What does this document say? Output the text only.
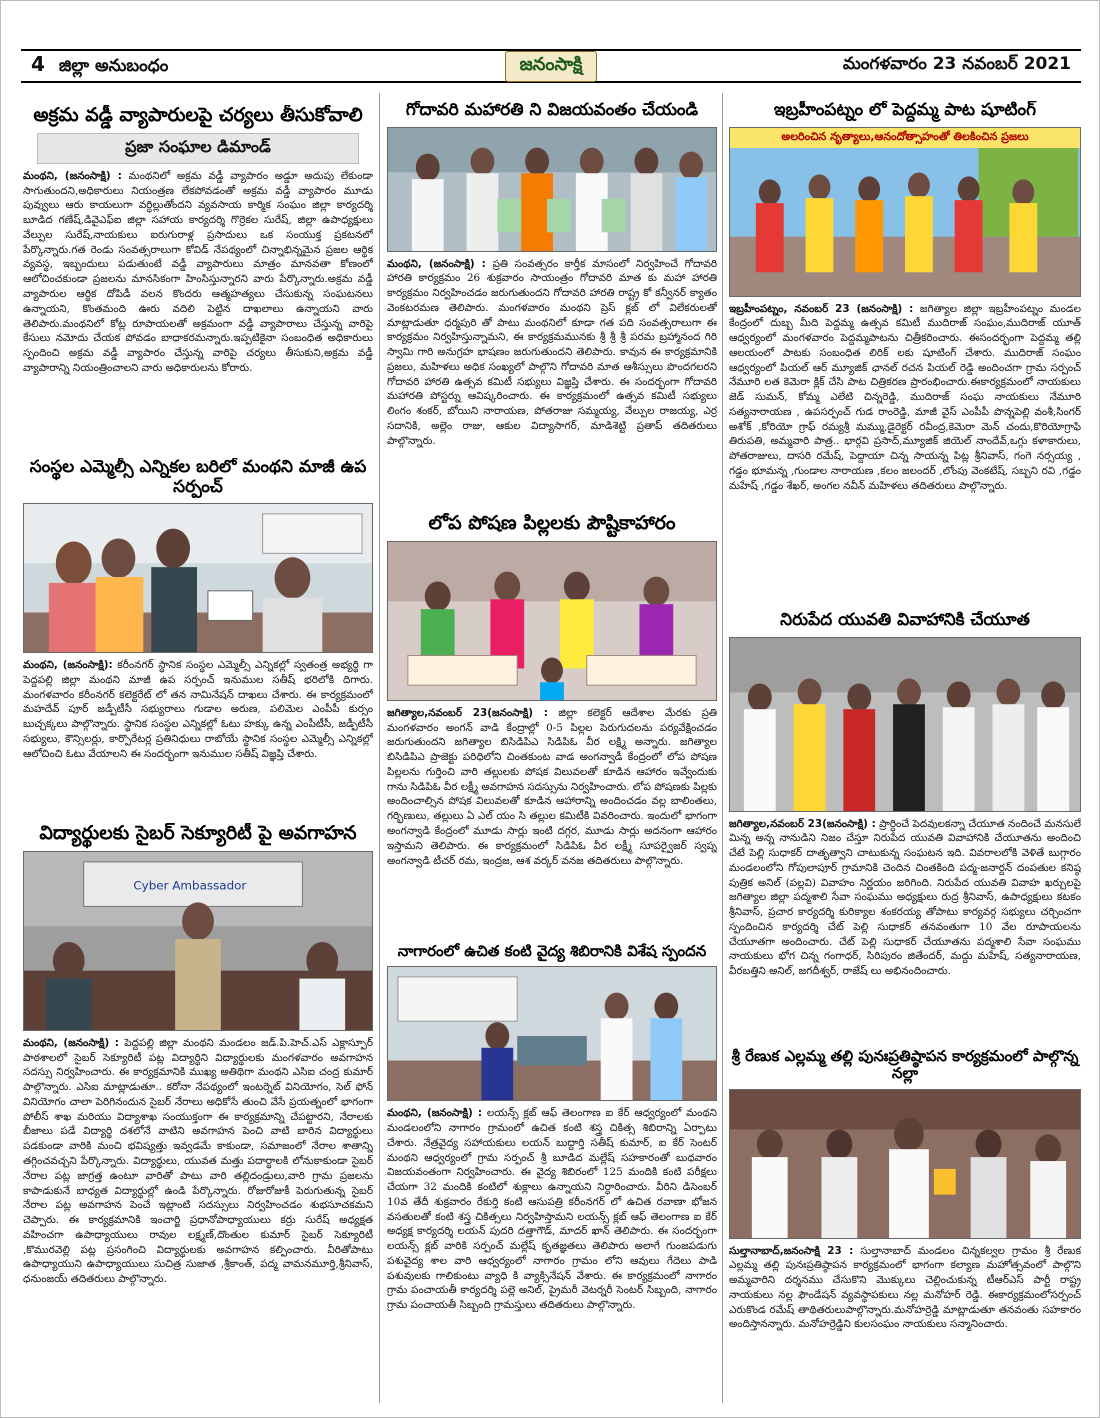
4 జిల్లా అనుబంధం	జనంసాక్షి	మంగళవారం 23 నవంబర్ 2021
అక్రమ వడ్డీ వ్యాపారులపై చర్యలు తీసుకోవాలి
ప్రజా సంఘాల డిమాండ్
మంథని, (జనంసాక్షి) : మంథనిలో అక్రమ వడ్డీ వ్యాపారం అడ్డూ అదుపు లేకుండా సాగుతుందని,అధికారులు నియంత్రణ లేకపోవడంతో అక్రమ వడ్డీ వ్యాపారం మూడు పువ్వులు ఆరు కాయలుగా వర్ధిల్లుతోందని వ్యవసాయ కార్మిక సంఘం జిల్లా కార్యదర్శి బూడిద గణేష్,డివైఎఫ్ఐ జిల్లా సహాయ కార్యదర్శి గొర్రెకల సురేష్, జిల్లా ఉపాధ్యక్షులు వేల్పుల సురేష్,నాయకులు ఐరుగురాళ్ల ప్రసాదులు ఒక సంయుక్త ప్రకటనలో పేర్కొన్నారు.గత రెండు సంవత్సరాలుగా కోవిడ్ నేపథ్యంలో చిన్నాభిన్నమైన ప్రజల ఆర్థిక వ్యవస్థ, ఇబ్బందులు పడుతుంటే వడ్డీ వ్యాపారులు మాత్రం మానవతా కోణంలో ఆలోచించకుండా ప్రజలను మానసికంగా హింసిస్తున్నారని వారు పేర్కొన్నారు.అక్రమ వడ్డీ వ్యాపారుల ఆర్థిక దోపిడీ వలన కొందరు ఆత్మహత్యలు చేసుకున్న సంఘటనలు ఉన్నాయని, కొంతమంది ఊరు వదిలి పెట్టిన దాఖలాలు ఉన్నాయని వారు తెలిపారు.మంథనిలో కోట్ల రూపాయలతో అక్రమంగా వడ్డీ వ్యాపారాలు చేస్తున్న వారిపై కేసులు నమోదు చేయక పోవడం బాధాకరమన్నారు.ఇప్పటికైనా సంబంధిత అధికారులు స్పందించి అక్రమ వడ్డీ వ్యాపారం చేస్తున్న వారిపై చర్యలు తీసుకుని,అక్రమ వడ్డీ వ్యాపారాన్ని నియంత్రించాలని వారు అధికారులను కోరారు.
సంస్థల ఎమ్మెల్సీ ఎన్నికల బరిలో మంథని మాజీ ఉప సర్పంచ్
మంథని, (జనంసాక్షి): కరీంనగర్ స్థానిక సంస్థల ఎమ్మెల్సీ ఎన్నికల్లో స్వతంత్ర అభ్యర్థి గా పెద్దపల్లి జిల్లా మంథని మాజీ ఉప సర్పంచ్ ఇనుముల సతీష్ భరిలోకి దిగారు. మంగళవారం కరీంనగర్ కలెక్టరేట్ లో తన నామినేషన్ దాఖలు చేశారు. ఈ కార్యక్రమంలో మహదేవ్ పూర్ జడ్పీటీసీ సభ్యురాలు గుడాల అరుణ, పలిమెల ఎంపీపీ కుర్సం బుచ్చక్కలు పాల్గొన్నారు. స్థానిక సంస్థల ఎన్నికల్లో ఓటు హక్కు ఉన్న ఎంపీటీసీ, జడ్పీటీసీ సభ్యులు, కౌన్సిలర్లు, కార్పొరేటర్ల ప్రతినిధులు రాబోయే స్థానిక సంస్థల ఎమ్మెల్సీ ఎన్నికల్లో ఆలోచించి ఓటు వేయాలని ఈ సందర్భంగా ఇనుముల సతీష్ విజ్ఞప్తి చేశారు.
విద్యార్థులకు సైబర్ సెక్యూరిటీ పై అవగాహన
Cyber Ambassador
మంథని, (జనంసాక్షి) : పెద్దపల్లి జిల్లా మంథని మండలం జడ్.పి.హెచ్.ఎస్ ఎక్లాస్పూర్ పాఠశాలలో సైబర్ సెక్యూరిటీ పట్ల విద్యార్థిని విద్యార్థులకు మంగళవారం అవగాహన సదస్సు నిర్వహించారు. ఈ కార్యక్రమానికి ముఖ్య అతిథిగా మంథని ఎసిఐ చంద్ర కుమార్ పాల్గొన్నారు. ఎసిఐ మాట్లాడుతూ.. కరోనా నేపథ్యంలో ఇంటర్నెట్ వినియోగం, సెల్ ఫోన్ వినియోగం చాలా పెరిగినందున సైబర్ నేరాలు అధికోసే తుంచి వేసే ప్రయత్నంలో భాగంగా పోలీస్ శాఖ మరియు విద్యాశాఖ సంయుక్తంగా ఈ కార్యక్రమాన్ని చేపట్టారని, నేరాలకు బీజాలు పడే విద్యార్థి దశలోనే వాటిని అవగాహన పెంచి వాటి బారిన విద్యార్థులు పడకుండా వారికి మంచి భవిష్యత్తు ఇవ్వడమే కాకుండా, సమాజంలో నేరాల శాతాన్ని తగ్గించవచ్చని పేర్కొన్నారు. విద్యార్థులు, యువత మత్తు పదార్థాలకి లోనుకాకుండా సైబర్ నేరాల పట్ల జాగ్రత్త ఉంటూ వారితో పాటు వారి తల్లిదండ్రులు,వారి గ్రామ ప్రజలను కాపాడుకునే బాధ్యత విద్యార్థుల్లో ఉండి పేర్కొన్నారు. రోజురోజుకీ పెరుగుతున్న సైబర్ నేరాల పట్ల అవగాహన పెంచే ఇట్లాంటి సదస్సులు నిర్వహించడం శుభసూచకమని చెప్పారు. ఈ కార్యక్రమానికి ఇంచార్జి ప్రధానోపాధ్యాయులు కర్రు సురేష్ అధ్యక్షత వహించగా ఉపాధ్యాయులు రావుల లక్ష్మణ్,దొంతుల కుమార్ సైబర్ సెక్యూరిటీ ,కొమురవెల్లి పట్ల ప్రసంగించి విద్యార్థులకు అవగాహన కల్పించారు. వీరితోపాటు ఉపాధ్యాయుని ఉపాధ్యాయులు సుచిత్ర సుజాత ,శ్రీకాంత్, పద్మ వామనమూర్తి,శ్రీనివాస్, ధనుంజయ్ తదితరులు పాల్గొన్నారు.
గోదావరి మహారతి ని విజయవంతం చేయండి
మంథని, (జనంసాక్షి) : ప్రతి సంవత్సరం కార్తీక మాసంలో నిర్వహించే గోదావరి హారతి కార్యక్రమం 26 శుక్రవారం సాయంత్రం గోదావరి మాత కు మహా హారతి కార్యక్రమం నిర్వహించడం జరుగుతుందని గోదావరి హారతి రాష్ట్ర కో కన్వీనర్ క్యాతం వెంకటరమణ తెలిపారు. మంగళవారం మంథని ప్రెస్ క్లబ్ లో విలేకరులతో మాట్లాడుతూ ధర్మపురి తో పాటు మంథనిలో కూడా గత పది సంవత్సరాలుగా ఈ కార్యక్రమం నిర్వహిస్తున్నామని, ఈ కార్యక్రమమునకు శ్రీ శ్రీ శ్రీ పరమ బ్రహ్మానంద గిరి స్వామి గారి అనుగ్రహ భాషణం జరుగుతుందని తెలిపారు. కావున ఈ కార్యక్రమానికి ప్రజలు, మహిళలు అధిక సంఖ్యలో పాల్గొని గోదావరి మాత ఆశీస్సులు పొందగలరని గోదావరి హారతి ఉత్సవ కమిటీ సభ్యులు విజ్ఞప్తి చేశారు. ఈ సందర్భంగా గోదావరి మహారతి పోస్టర్ను ఆవిష్కరించారు. ఈ కార్యక్రమంలో ఉత్సవ కమిటీ సభ్యులు లింగం శంకర్, బోయిని నారాయణ, పోతరాజు సమ్మయ్య, వేల్పుల రాజయ్య, ఎర్ర సదానికి, అల్లెం రాజు, ఆకుల విద్యాసాగర్, మాడిశెట్టి ప్రతాప్ తదితరులు పాల్గొన్నారు.
లోప పోషణ పిల్లలకు పౌష్టికాహారం
జగిత్యాల,నవంబర్ 23(జనంసాక్షి) : జిల్లా కలెక్టర్ ఆదేశాల మేరకు ప్రతి మంగళవారం అంగన్ వాడి కేంద్రాల్లో 0-5 పిల్లల పెరుగుదలను పర్యవేక్షించడం జరుగుతుందని జగిత్యాల బిసిడిపిఎ సిడిపిఓ వీర లక్ష్మి అన్నారు. జగిత్యాల బిసిడిపిఎ ప్రాజెక్టు పరిధిలోని చింతకుంట వాడ అంగన్వాడీ కేంద్రంలో లోప పోషణ పిల్లలను గుర్తించి వారి తల్లులకు పోషక విలువలతో కూడిన ఆహారం ఇవ్వేందుకు గాను సిడిపిఓ వీర లక్ష్మీ అవగాహన సదస్సును నిర్వహించారు. లోప పోషణకు పిల్లకు అందించాల్సిన పోషక విలువలతో కూడిన ఆహారాన్ని అందించడం వల్ల బాలింతలు, గర్భిణులు, తల్లులు ఏ ఎల్ యం సి తల్లుల కమిటీకి వివరించారు. ఇందులో భాగంగా అంగన్వాడి కేంద్రంలో మూడు సార్లు ఇంటి దగ్గర, మూడు సార్లు అదనంగా ఆహారం ఇస్తామని తెలిపారు. ఈ కార్యక్రమంలో సిడిపిఓ వీర లక్ష్మీ సూపర్వైజర్ స్వప్న అంగన్వాడి టీచర్ రమ, ఇంద్రజ, ఆశ వర్కర్ వనజ తదితరులు పాల్గొన్నారు.
నాగారంలో ఉచిత కంటి వైద్య శిబిరానికి విశేష స్పందన
మంథని, (జనంసాక్షి) : లయన్స్ క్లబ్ ఆఫ్ తెలంగాణ ఐ కేర్ ఆధ్వర్యంలో మంథని మండలంలోని నాగారం గ్రామంలో ఉచిత కంటి శస్త్ర చికిత్స శిబిరాన్ని ఏర్పాటు చేశారు. నేత్రవైద్య సహాయకులు లయన్ బుద్దార్తి సతీష్ కుమార్, ఐ కేర్ సెంటర్ మంథని ఆధ్వర్యంలో గ్రామ సర్పంచ్ శ్రీ బూడిద మల్లేష్ సహకారంతో బుధవారం విజయవంతంగా నిర్వహించారు. ఈ వైద్య శిబిరంలో 125 మందికి కంటి పరీక్షలు చేయగా 32 మందికి కంటిలో శుక్లాలు ఉన్నాయని నిర్ధారించారు. వీరిని డిసెంబర్ 10వ తేదీ శుక్రవారం రేకుర్తి కంటి ఆసుపత్రి కరీంనగర్ లో ఉచిత రవాణా భోజన వసతులతో కంటి శస్త్ర చికిత్సలు నిర్వహిస్తామని లయన్స్ క్లబ్ ఆఫ్ తెలంగాణ ఐ కేర్ అధ్యక్ష కార్యదర్శి లయన్ పుదరి దత్తాగౌడ్, మాదర్ ఖాన్ తెలిపారు. ఈ సందర్భంగా లయన్స్ క్లబ్ వారికి సర్పంచ్ మల్లేష్ కృతజ్ఞతలు తెలిపారు అలాగే గుంజపడుగు పశువైద్య శాల వారి ఆధ్వర్యంలో నాగారం గ్రామం లోని ఆవులు గేదెలు పాడి పశువులకు గాలికుంటు వ్యాధి కి వ్యాక్సినేషన్ వేశారు. ఈ కార్యక్రమంలో నాగారం గ్రామ పంచాయతీ కార్యదర్శి పల్లె అనిల్, ప్రైమరీ వెటర్నరీ సెంటర్ సిబ్బంది, నాగారం గ్రామ పంచాయతీ సిబ్బంది గ్రామస్తులు తదితరులు పాల్గొన్నారు.
ఇబ్రహీంపట్నం లో పెద్దమ్మ పాట షూటింగ్
అలరించిన నృత్యాలు,ఆనందోత్సాహంతో తిలకించిన ప్రజలు
ఇబ్రహీంపట్నం, నవంబర్ 23 (జనంసాక్షి) : జగిత్యాల జిల్లా ఇబ్రహీంపట్నం మండల కేంద్రంలో దుబ్బ మీది పెద్దమ్మ ఉత్సవ కమిటీ ముదిరాజ్ సంఘం,ముదిరాజ్ యూత్ ఆధ్వర్యంలో మంగళవారం పెద్దమ్మపాటను చిత్రీకరించారు. ఈసందర్భంగా పెద్దమ్మ తల్లి ఆలయంలో పాటకు సంబంధిత లిరిక్ లకు షూటింగ్ చేశారు. ముదిరాజ్ సంఘం ఆధ్వర్యంలో పియల్ ఆర్ మ్యూజిక్ ఛానల్ రచన పియల్ రెడ్డి అందించగా గ్రామ సర్పంచ్ నేమూరి లత కెమెరా క్లిక్ చేసి పాట చిత్రికరణ ప్రారంభించారు.ఈకార్యక్రమంలో నాయకులు జెడ్ సుమన్, కోమ్మ ఎలేటి చిన్నరెడ్డి, ముదిరాజ్ సంఘ నాయకులు నేమూరి సత్యనారాయణ , ఉపసర్పంచ్ గుడ రాంరెడ్డి, మాజీ వైస్ ఎంపీపీ పొన్నపెల్లి వంశీ,సింగర్ అశోక్ ,కోరియో గ్రాఫ్ రమ్యశ్రీ మమ్ము,డైరెక్టర్ రవీంద్ర,కెమెరా మెన్ చందు,కొరియోగ్రాఫి తిరుపతి, అమ్మవారి పాత్ర.. భార్గవి ప్రసాద్,మ్యూజిక్ జియెల్ నాందేవ్,ఒగ్గు కళాకారులు, పోతరాజులు, దాసరి రమేష్, పెద్దాయా చిన్న సాయన్న పిట్ల శ్రీనివాస్, గంగె నర్సయ్య , గడ్డం భూమన్న ,గుండాల నారాయణ ,కలం జలందర్ ,లోంపు వెంకటేష్, సబ్బని రవి ,గడ్డం మహేష్ ,గడ్డం శేఖర్, అంగల నవీన్ మహిళలు తదితరులు పాల్గొన్నారు.
నిరుపేద యువతి వివాహానికి చేయూత
జగిత్యాల,నవంబర్ 23(జనంసాక్షి) : ప్రార్ధించే పెదవులకన్నా చేయూత నందించే మనసులే మిన్న అన్న నానుడిని నిజం చేస్తూ నిరుపేద యువతి వివాహానికి చేయూతను అందించి చేటే పెల్లి సుధాకర్ దాతృత్వాని చాటుకున్న సంఘటన ఇది. వివరాలలోకి వెళితే బుగ్గారం మండలంలోని గోపులాపూర్ గ్రామానికి చెందిన చింతకింది పద్మ-జనార్దన్ దంపతుల కనిష్ఠ పుత్రిక అనిల్ (పల్లవి) వివాహం నిర్ణయం జరిగింది. నిరుపేద యువతి వివాహ ఖర్చులపై జగిత్యాల జిల్లా పద్మశాలి సేవా సంఘము అధ్యక్షులు రుద్ర శ్రీనివాస్, ఉపాధ్యక్షులు కటకం శ్రీనివాస్, ప్రచార కార్యదర్శి కురిక్యాల శంకరయ్య తోపాటు కార్యవర్గ సభ్యులు చర్చించగా స్పందించిన కార్యదర్శి చేట్ పెల్లి సుధాకర్ తనవంతుగా 10 వేల రూపాయలను చేయూతగా అందించారు. చేట్ పెల్లి సుధాకర్ చేయూతను పద్మశాలి సేవా సంఘము నాయకులు భోగ చిన్న గంగాధర్, సిరిపురం జితేందర్, మద్దు మహేష్, సత్యనారాయణ, వీరబత్తిని అనిల్, జగదీశ్వర్, రాజేష్ లు అభినందించారు.
శ్రీ రేణుక ఎల్లమ్మ తల్లి పునఃప్రతిష్ఠాపన కార్యక్రమంలో పాల్గొన్న నల్లా
సుల్తానాబాద్,జనంసాక్షి 23 : సుల్తానాబాద్ మండలం చిన్నకల్వల గ్రామం శ్రీ రేణుక ఎల్లమ్మ తల్లి పునఃప్రతిష్ఠాపన కార్యక్రమంలో భాగంగా కల్యాణ మహోత్సవంలో పాల్గొని అమ్మవారిని దర్శనము చేసుకొని మొక్కులు చెల్లించుకున్న టీఆర్ఎస్ పార్టీ రాష్ట్ర నాయకులు నల్ల ఫౌండేషన్ వ్యవస్థాపకులు నల్ల మనోహర్ రెడ్డి. ఈకార్యక్రమంలోసర్పంచ్ ఎరుకొండ రమేష్ తాథితరులుపాల్గొన్నారు.మనోహర్రెడ్డి మాట్లాడుతూ తనవంతు సహకారం అందిస్తానన్నారు. మనోహర్రెడ్డిని కులసంఘం నాయకులు సన్మానించారు.
